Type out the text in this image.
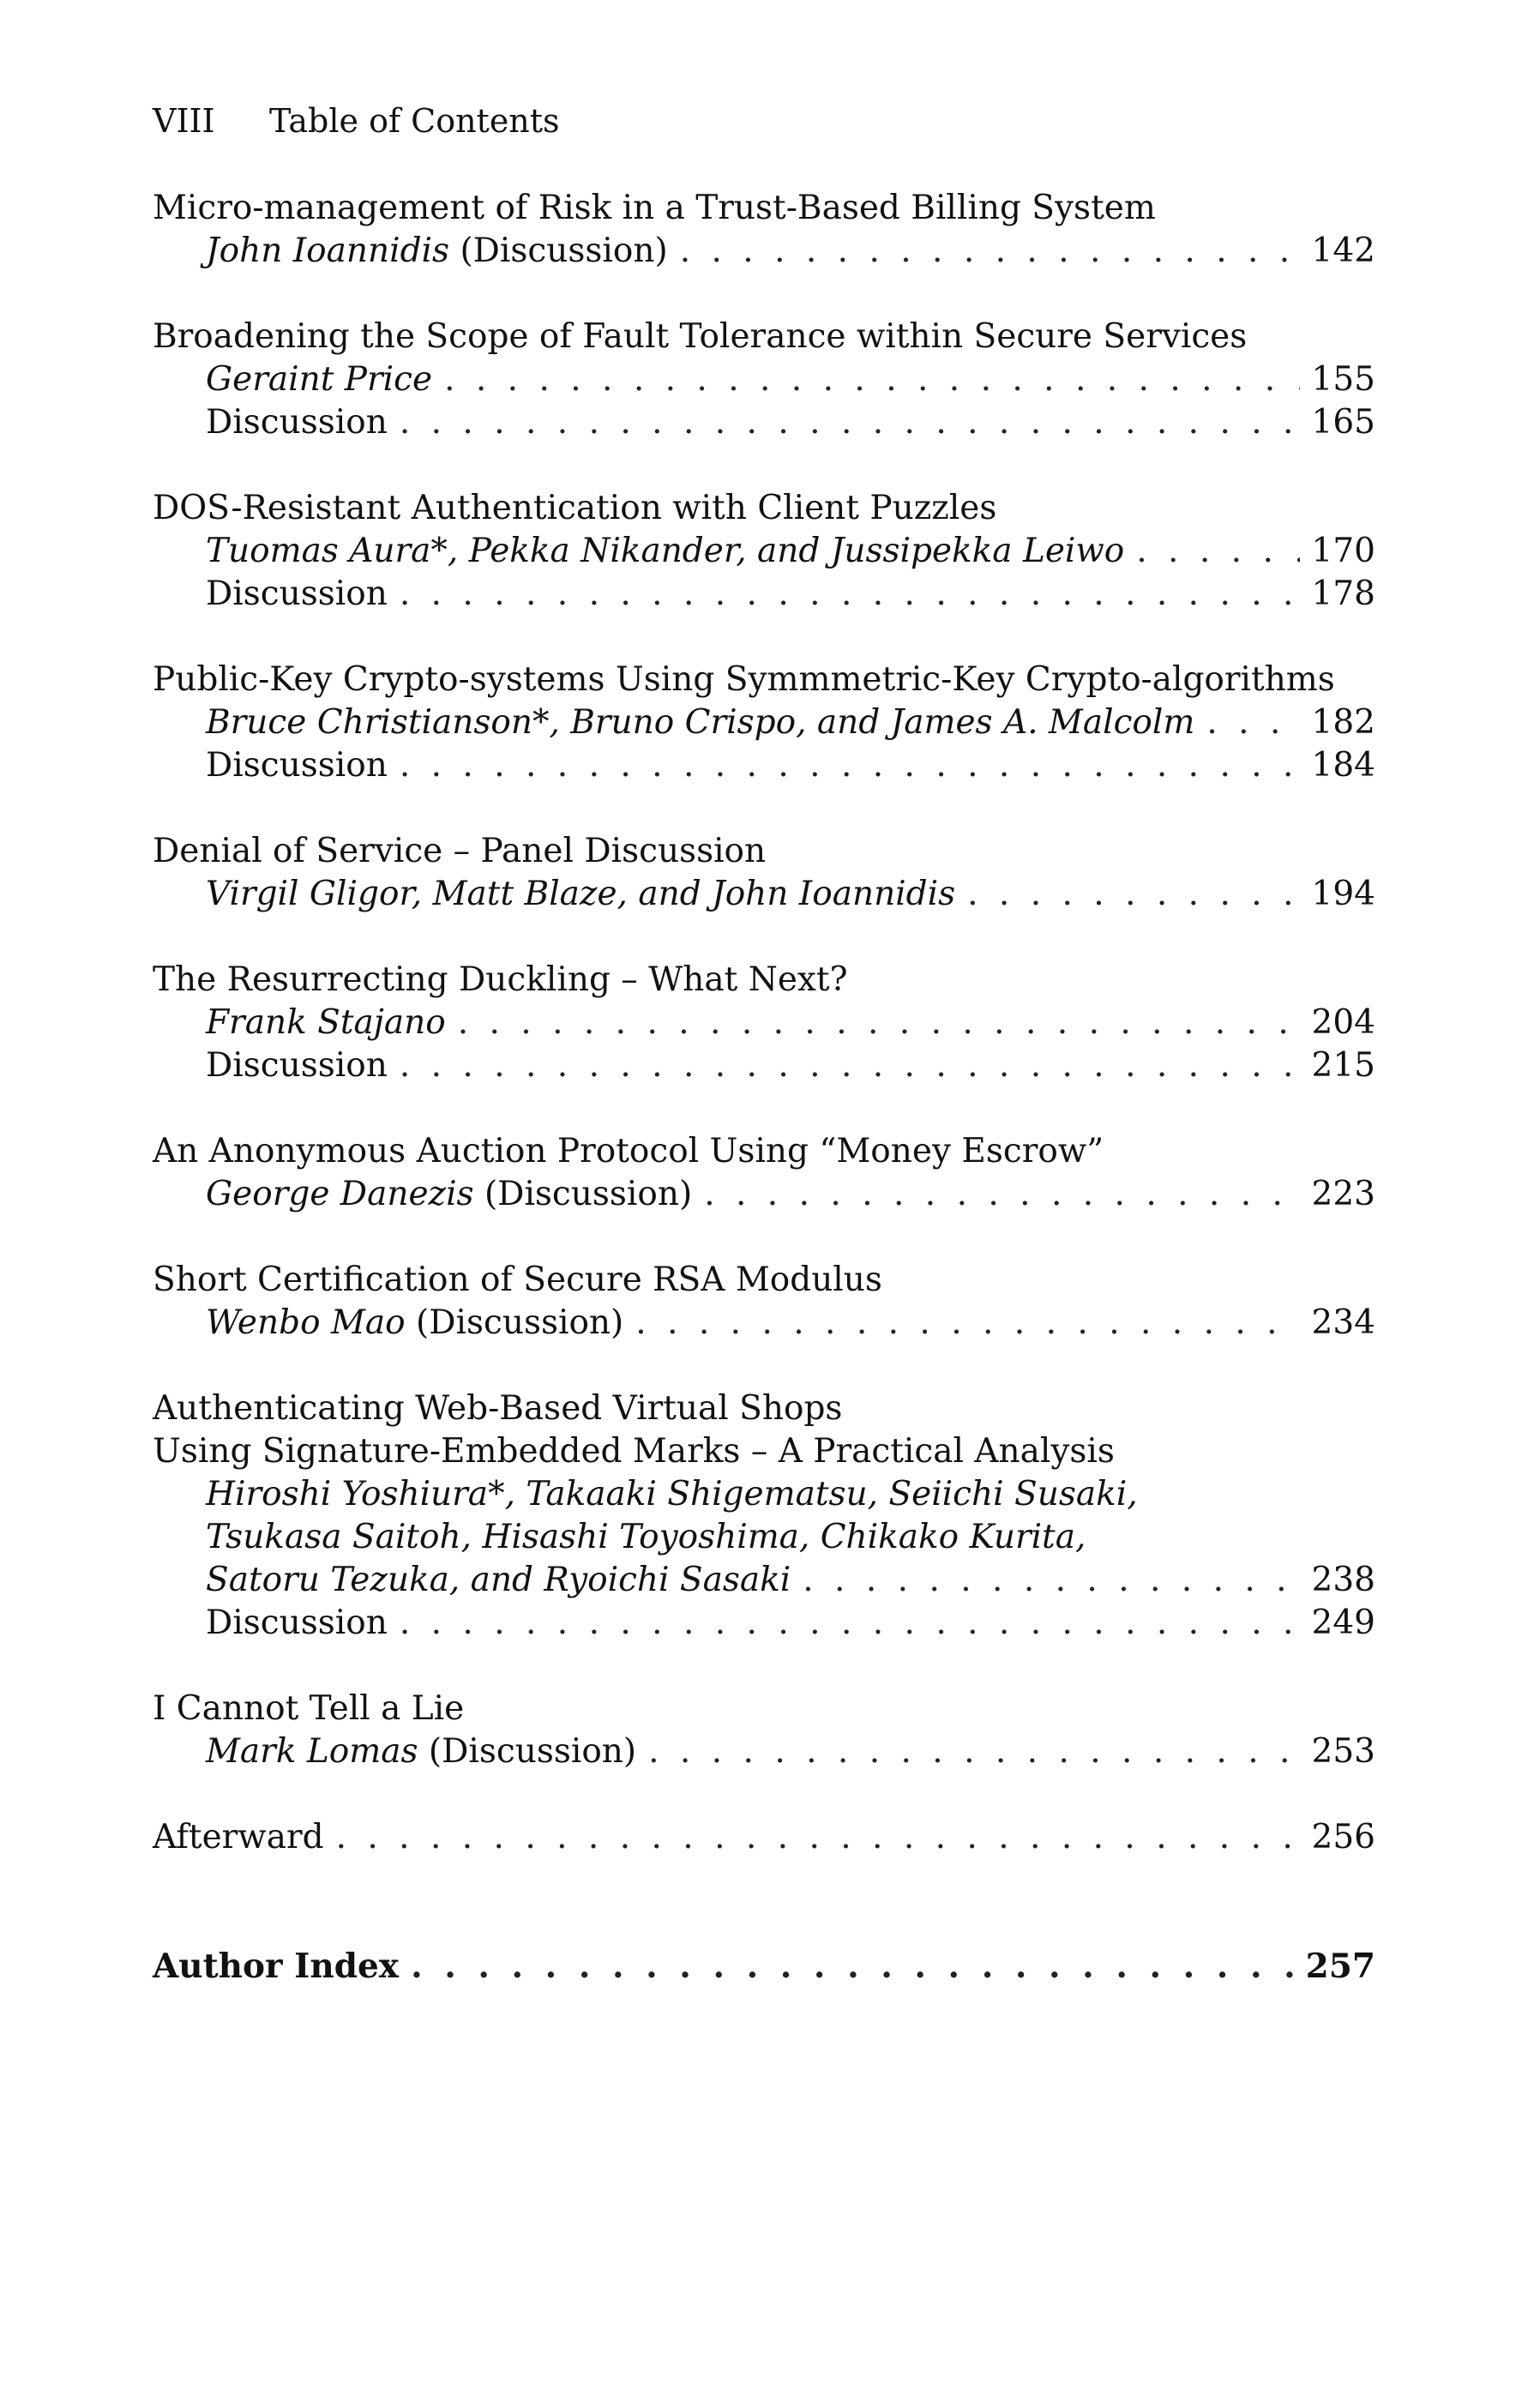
VIII Table of Contents
Micro-management of Risk in a Trust-Based Billing System
John Ioannidis (Discussion) . . .	142
Broadening the Scope of Fault Tolerance within Secure Services
Geraint Price . . .	155
Discussion . . .	165
DOS-Resistant Authentication with Client Puzzles
Tuomas Aura*, Pekka Nikander, and Jussipekka Leiwo . . .	170
Discussion . . .	178
Public-Key Crypto-systems Using Symmmetric-Key Crypto-algorithms
Bruce Christianson*, Bruno Crispo, and James A. Malcolm . . .	182
Discussion . . .	184
Denial of Service – Panel Discussion
Virgil Gligor, Matt Blaze, and John Ioannidis . . .	194
The Resurrecting Duckling – What Next?
Frank Stajano . . .	204
Discussion . . .	215
An Anonymous Auction Protocol Using “Money Escrow”
George Danezis (Discussion) . . .	223
Short Certification of Secure RSA Modulus
Wenbo Mao (Discussion) . . .	234
Authenticating Web-Based Virtual Shops
Using Signature-Embedded Marks – A Practical Analysis
Hiroshi Yoshiura*, Takaaki Shigematsu, Seiichi Susaki,
Tsukasa Saitoh, Hisashi Toyoshima, Chikako Kurita,
Satoru Tezuka, and Ryoichi Sasaki . . .	238
Discussion . . .	249
I Cannot Tell a Lie
Mark Lomas (Discussion) . . .	253
Afterward . . .	256
Author Index . . .	257
